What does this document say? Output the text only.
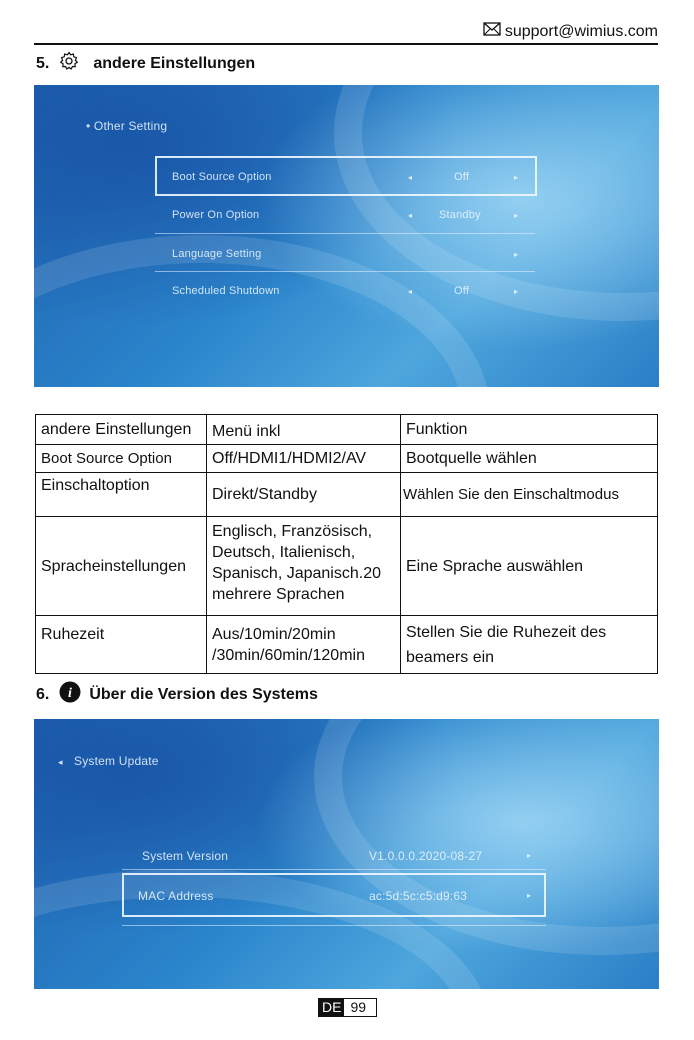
support@wimius.com
5.	andere Einstellungen
• Other Setting
Boot Source Option	◂	Off	▸
Power On Option	◂ Standby	▸
Language Setting	▸
Scheduled Shutdown	◂	Off	▸
andere Einstellungen	Menü inkl	Funktion
Boot Source Option	Off/HDMI1/HDMI2/AV	Bootquelle wählen
Einschaltoption	Direkt/Standby	Wählen Sie den Einschaltmodus
Spracheinstellungen	Englisch, Französisch, Deutsch, Italienisch, Spanisch, Japanisch.20 mehrere Sprachen	Eine Sprache auswählen
Ruhezeit	Aus/10min/20min /30min/60min/120min	Stellen Sie die Ruhezeit des beamers ein
6. i Über die Version des Systems
◂ System Update
System Version	V1.0.0.0.2020-08-27	▸
MAC Address	ac:5d:5c:c5:d9:63	▸
DE 99
